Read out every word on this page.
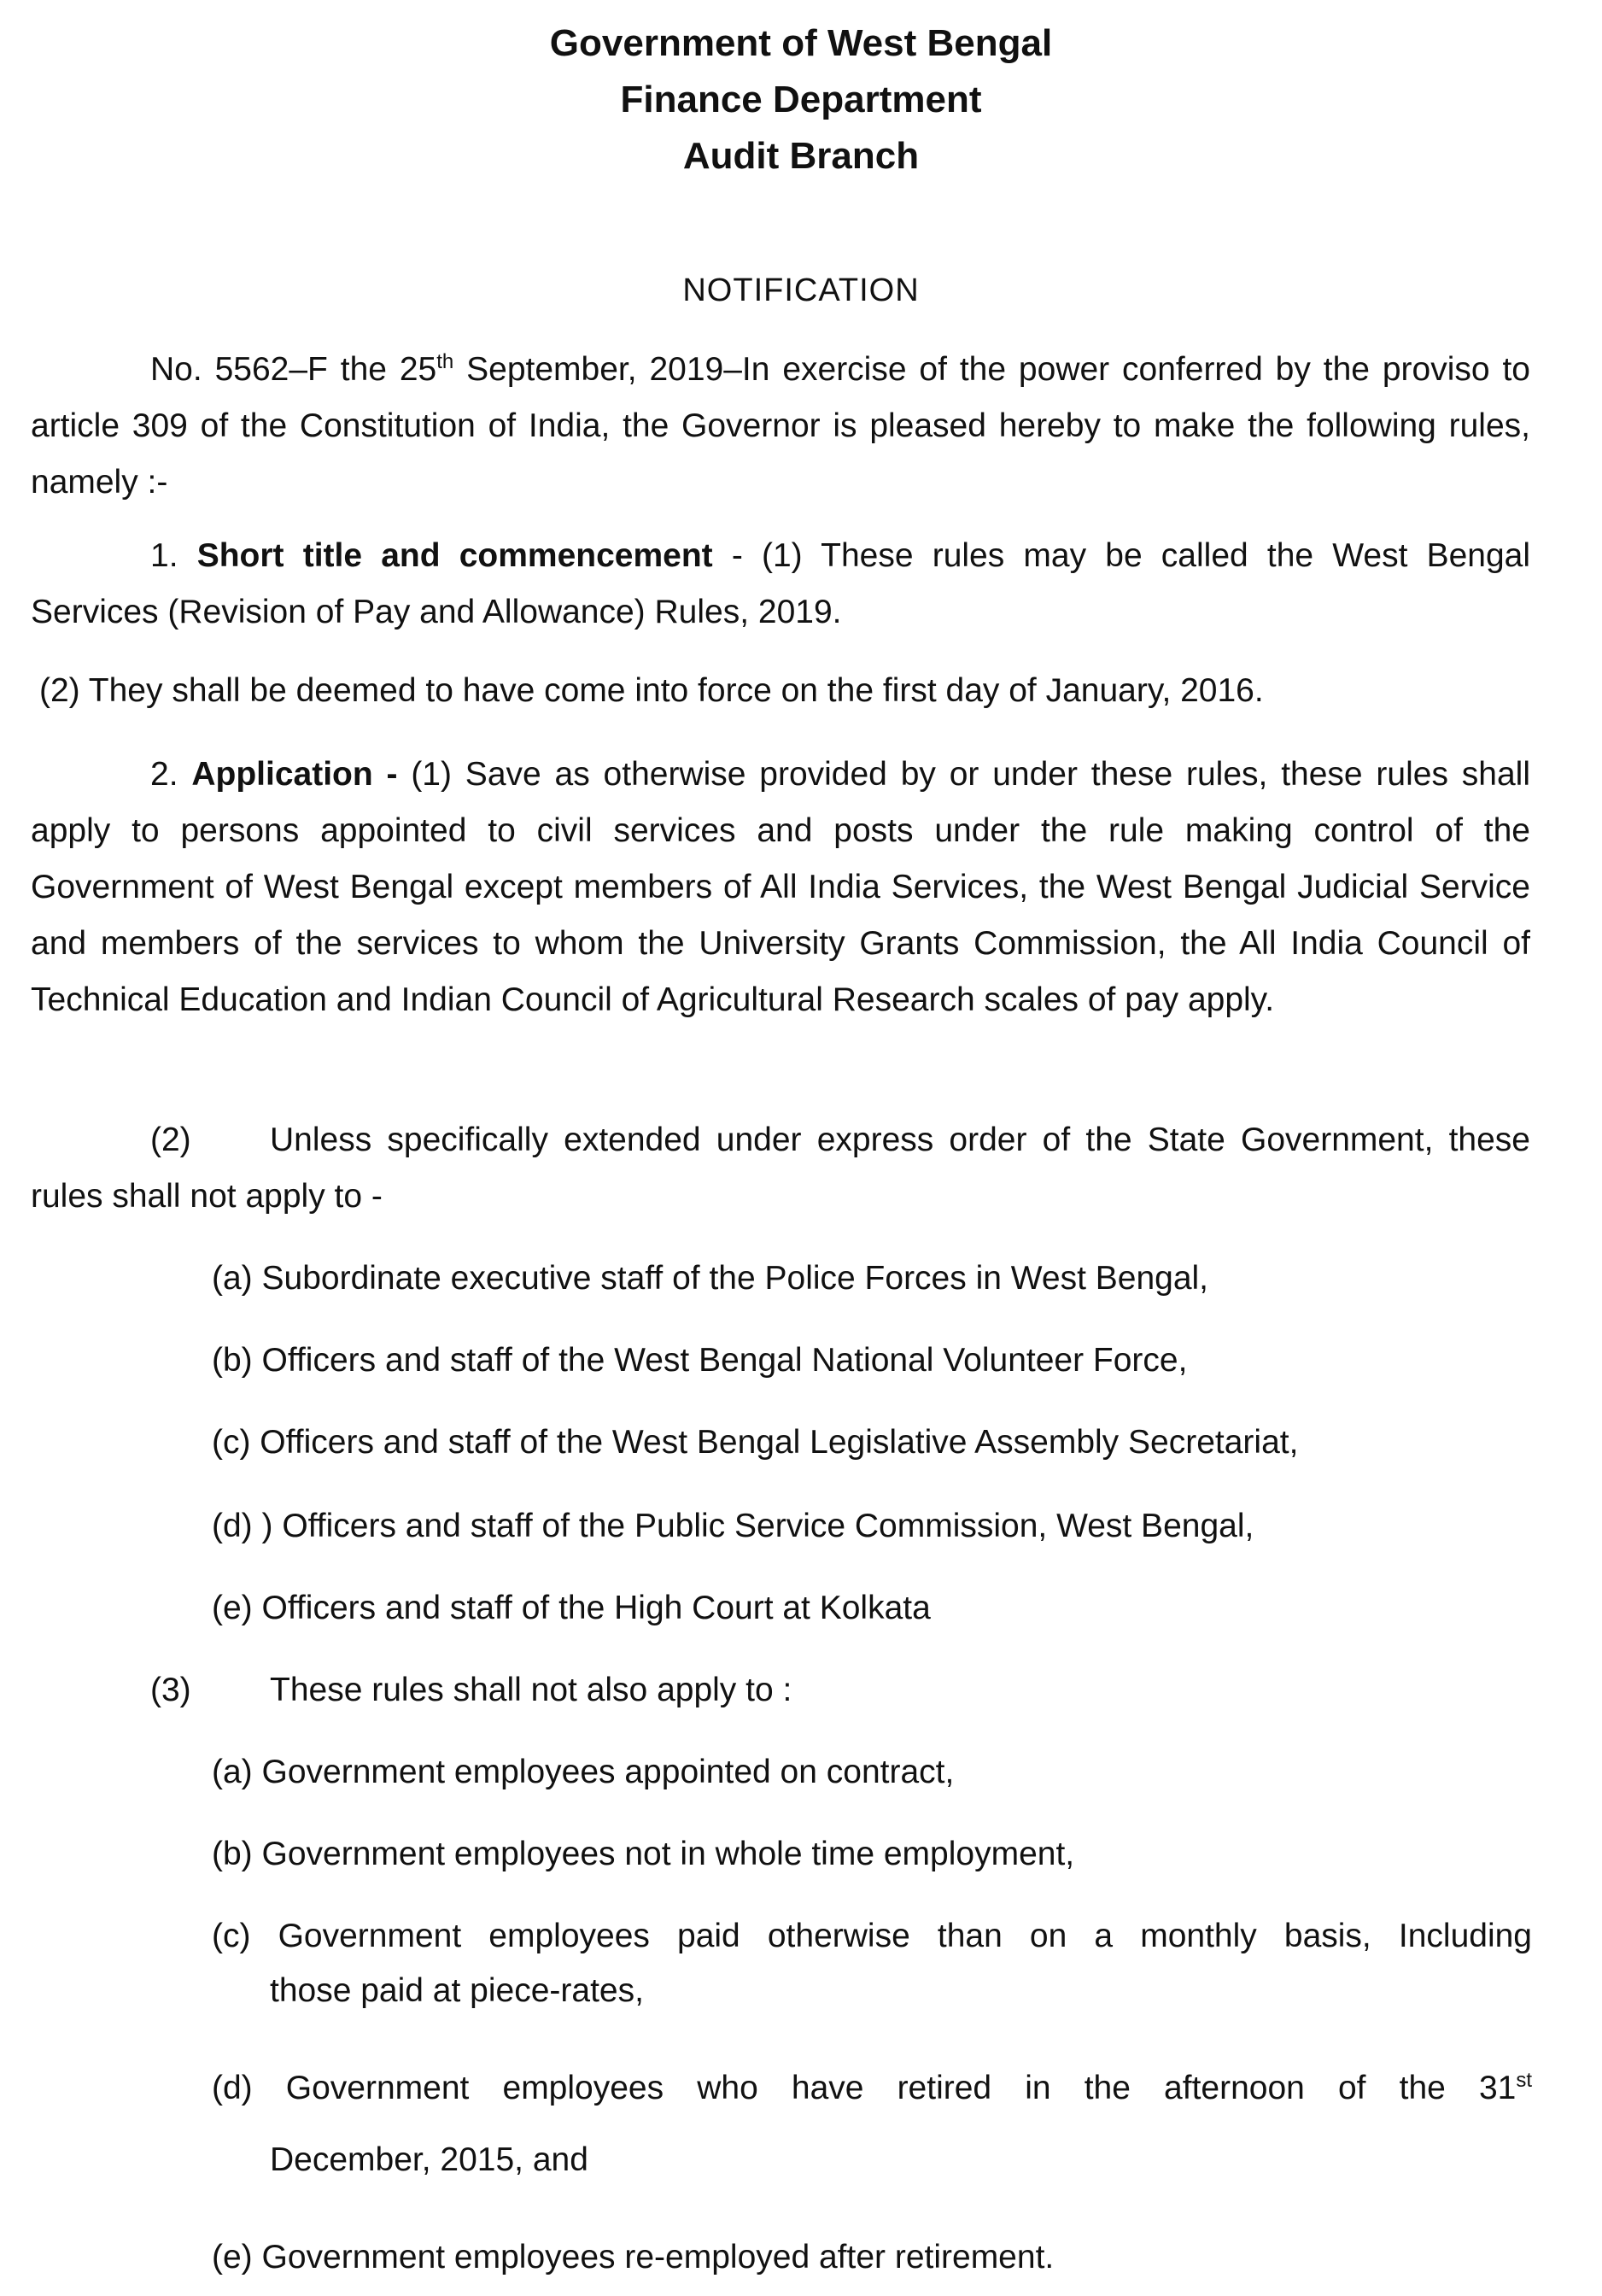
Government of West Bengal
Finance Department
Audit Branch
NOTIFICATION
No. 5562–F the 25th September, 2019–In exercise of the power conferred by the proviso to article 309 of the Constitution of India, the Governor is pleased hereby to make the following rules, namely :-
1. Short title and commencement - (1) These rules may be called the West Bengal Services (Revision of Pay and Allowance) Rules, 2019.
(2) They shall be deemed to have come into force on the first day of January, 2016.
2. Application - (1) Save as otherwise provided by or under these rules, these rules shall apply to persons appointed to civil services and posts under the rule making control of the Government of West Bengal except members of All India Services, the West Bengal Judicial Service and members of the services to whom the University Grants Commission, the All India Council of Technical Education and Indian Council of Agricultural Research scales of pay apply.
(2) Unless specifically extended under express order of the State Government, these rules shall not apply to -
(a) Subordinate executive staff of the Police Forces in West Bengal,
(b) Officers and staff of the West Bengal National Volunteer Force,
(c) Officers and staff of the West Bengal Legislative Assembly Secretariat,
(d) ) Officers and staff of the Public Service Commission, West Bengal,
(e) Officers and staff of the High Court at Kolkata
(3) These rules shall not also apply to :
(a) Government employees appointed on contract,
(b) Government employees not in whole time employment,
(c) Government employees paid otherwise than on a monthly basis, Including
those paid at piece-rates,
(d) Government employees who have retired in the afternoon of the 31st
December, 2015, and
(e) Government employees re-employed after retirement.
